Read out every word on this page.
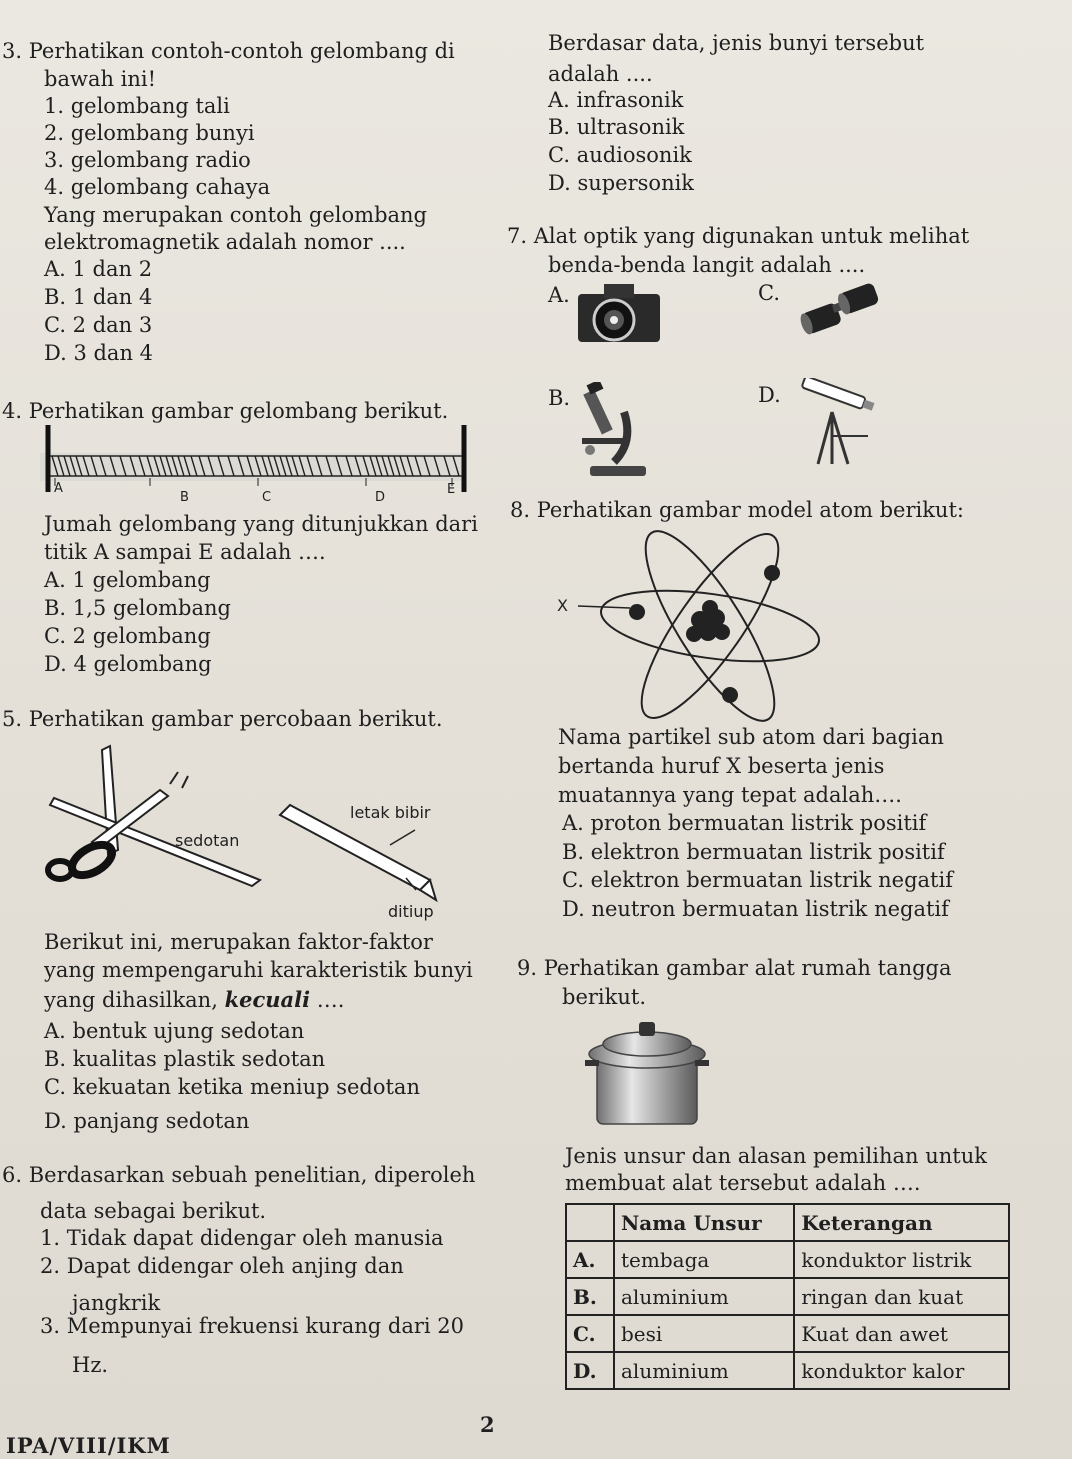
3. Perhatikan contoh-contoh gelombang di
bawah ini!
1. gelombang tali
2. gelombang bunyi
3. gelombang radio
4. gelombang cahaya
Yang merupakan contoh gelombang
elektromagnetik adalah nomor ....
A. 1 dan 2
B. 1 dan 4
C. 2 dan 3
D. 3 dan 4
4. Perhatikan gambar gelombang berikut.
A
B	C	D
E
Jumah gelombang yang ditunjukkan dari
titik A sampai E adalah ….
A. 1 gelombang
B. 1,5 gelombang
C. 2 gelombang
D. 4 gelombang
5. Perhatikan gambar percobaan berikut.
letak bibir
sedotan
ditiup
Berikut ini, merupakan faktor-faktor
yang mempengaruhi karakteristik bunyi
yang dihasilkan, kecuali ….
A. bentuk ujung sedotan
B. kualitas plastik sedotan
C. kekuatan ketika meniup sedotan
D. panjang sedotan
6. Berdasarkan sebuah penelitian, diperoleh
data sebagai berikut.
1. Tidak dapat didengar oleh manusia
2. Dapat didengar oleh anjing dan
jangkrik
3. Mempunyai frekuensi kurang dari 20
Hz.
Berdasar data, jenis bunyi tersebut
adalah ....
A. infrasonik
B. ultrasonik
C. audiosonik
D. supersonik
7. Alat optik yang digunakan untuk melihat
benda-benda langit adalah ....
A.
B.
C.
D.
8. Perhatikan gambar model atom berikut:
X
Nama partikel sub atom dari bagian
bertanda huruf X beserta jenis
muatannya yang tepat adalah….
A. proton bermuatan listrik positif
B. elektron bermuatan listrik positif
C. elektron bermuatan listrik negatif
D. neutron bermuatan listrik negatif
9. Perhatikan gambar alat rumah tangga
berikut.
Jenis unsur dan alasan pemilihan untuk
membuat alat tersebut adalah ….
	Nama Unsur	Keterangan
A.	tembaga	konduktor listrik
B.	aluminium	ringan dan kuat
C.	besi	Kuat dan awet
D.	aluminium	konduktor kalor
2
IPA/VIII/IKM
